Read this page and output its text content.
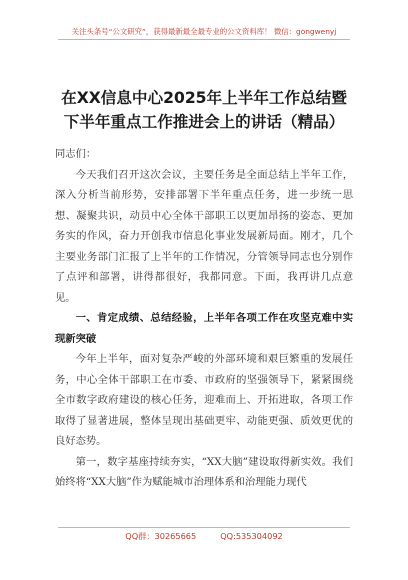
关注头条号“公文研究”，获得最新最全最专业的公文资料库！ 微信：gongwenyj
在XX信息中心2025年上半年工作总结暨
下半年重点工作推进会上的讲话（精品）

同志们：

今天我们召开这次会议，主要任务是全面总结上半年工作，深入分析当前形势，安排部署下半年重点任务，进一步统一思想、凝聚共识，动员中心全体干部职工以更加昂扬的姿态、更加务实的作风，奋力开创我市信息化事业发展新局面。刚才，几个主要业务部门汇报了上半年的工作情况，分管领导同志也分别作了点评和部署，讲得都很好，我都同意。下面，我再讲几点意见。

一、肯定成绩、总结经验，上半年各项工作在攻坚克难中实现新突破

今年上半年，面对复杂严峻的外部环境和艰巨繁重的发展任务，中心全体干部职工在市委、市政府的坚强领导下，紧紧围绕全市数字政府建设的核心任务，迎难而上、开拓进取，各项工作取得了显著进展，整体呈现出基础更牢、动能更强、质效更优的良好态势。

第一，数字基座持续夯实，“XX大脑”建设取得新实效。我们始终将“XX大脑”作为赋能城市治理体系和治理能力现代

QQ群：30265665	QQ:535304092
